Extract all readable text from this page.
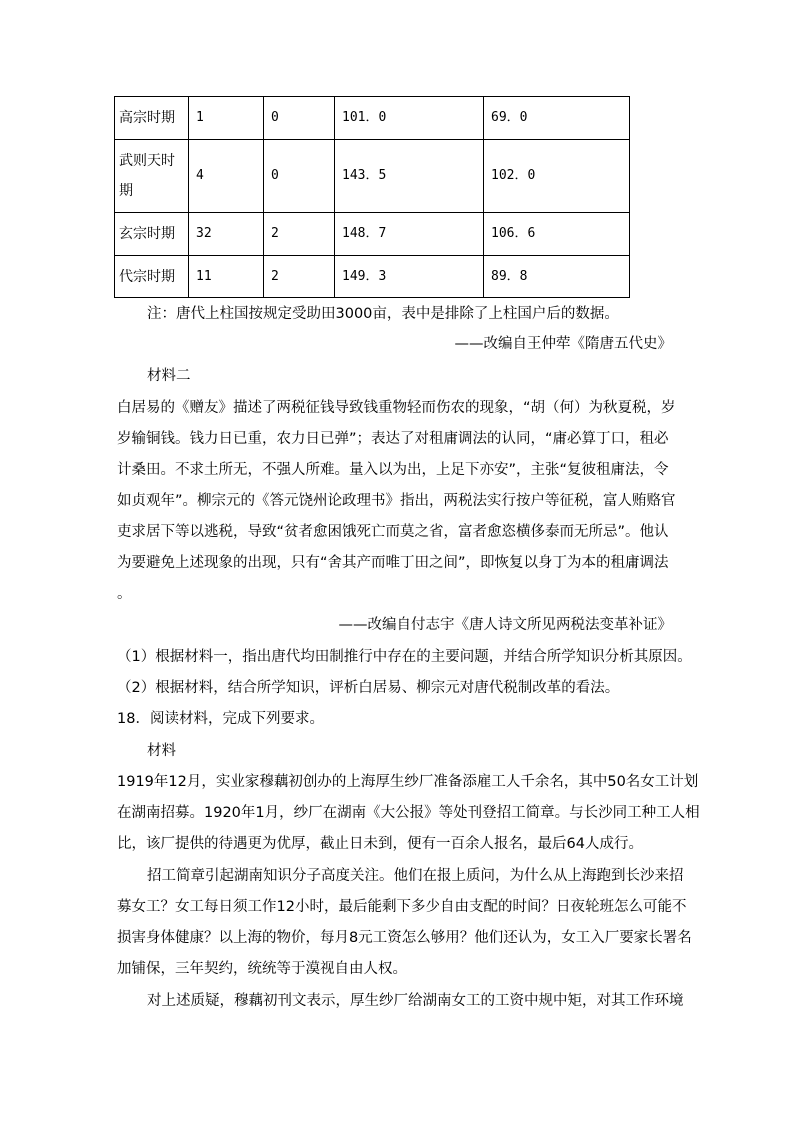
高宗时期	1	0	101．0	69．0
武则天时
期	4	0	143．5	102．0
玄宗时期	32	2	148．7	106．6
代宗时期	11	2	149．3	89．8
注：唐代上柱国按规定受助田3000亩，表中是排除了上柱国户后的数据。
——改编自王仲荦《隋唐五代史》
材料二
白居易的《赠友》描述了两税征钱导致钱重物轻而伤农的现象，“胡（何）为秋夏税，岁
岁输铜钱。钱力日已重，农力日已弹”；表达了对租庸调法的认同，“庸必算丁口，租必
计桑田。不求土所无，不强人所难。量入以为出，上足下亦安”，主张“复彼租庸法，令
如贞观年”。柳宗元的《答元饶州论政理书》指出，两税法实行按户等征税，富人贿赂官
吏求居下等以逃税，导致“贫者愈困饿死亡而莫之省，富者愈恣横侈泰而无所忌”。他认
为要避免上述现象的出现，只有“舍其产而唯丁田之间”，即恢复以身丁为本的租庸调法
。
——改编自付志宇《唐人诗文所见两税法变革补证》
（1）根据材料一，指出唐代均田制推行中存在的主要问题，并结合所学知识分析其原因。
（2）根据材料，结合所学知识，评析白居易、柳宗元对唐代税制改革的看法。
18．阅读材料，完成下列要求。
材料
1919年12月，实业家穆藕初创办的上海厚生纱厂准备添雇工人千余名，其中50名女工计划
在湖南招募。1920年1月，纱厂在湖南《大公报》等处刊登招工简章。与长沙同工种工人相
比，该厂提供的待遇更为优厚，截止日未到，便有一百余人报名，最后64人成行。
招工简章引起湖南知识分子高度关注。他们在报上质问，为什么从上海跑到长沙来招
募女工？女工每日须工作12小时，最后能剩下多少自由支配的时间？日夜轮班怎么可能不
损害身体健康？以上海的物价，每月8元工资怎么够用？他们还认为，女工入厂要家长署名
加铺保，三年契约，统统等于漠视自由人权。
对上述质疑，穆藕初刊文表示，厚生纱厂给湖南女工的工资中规中矩，对其工作环境
